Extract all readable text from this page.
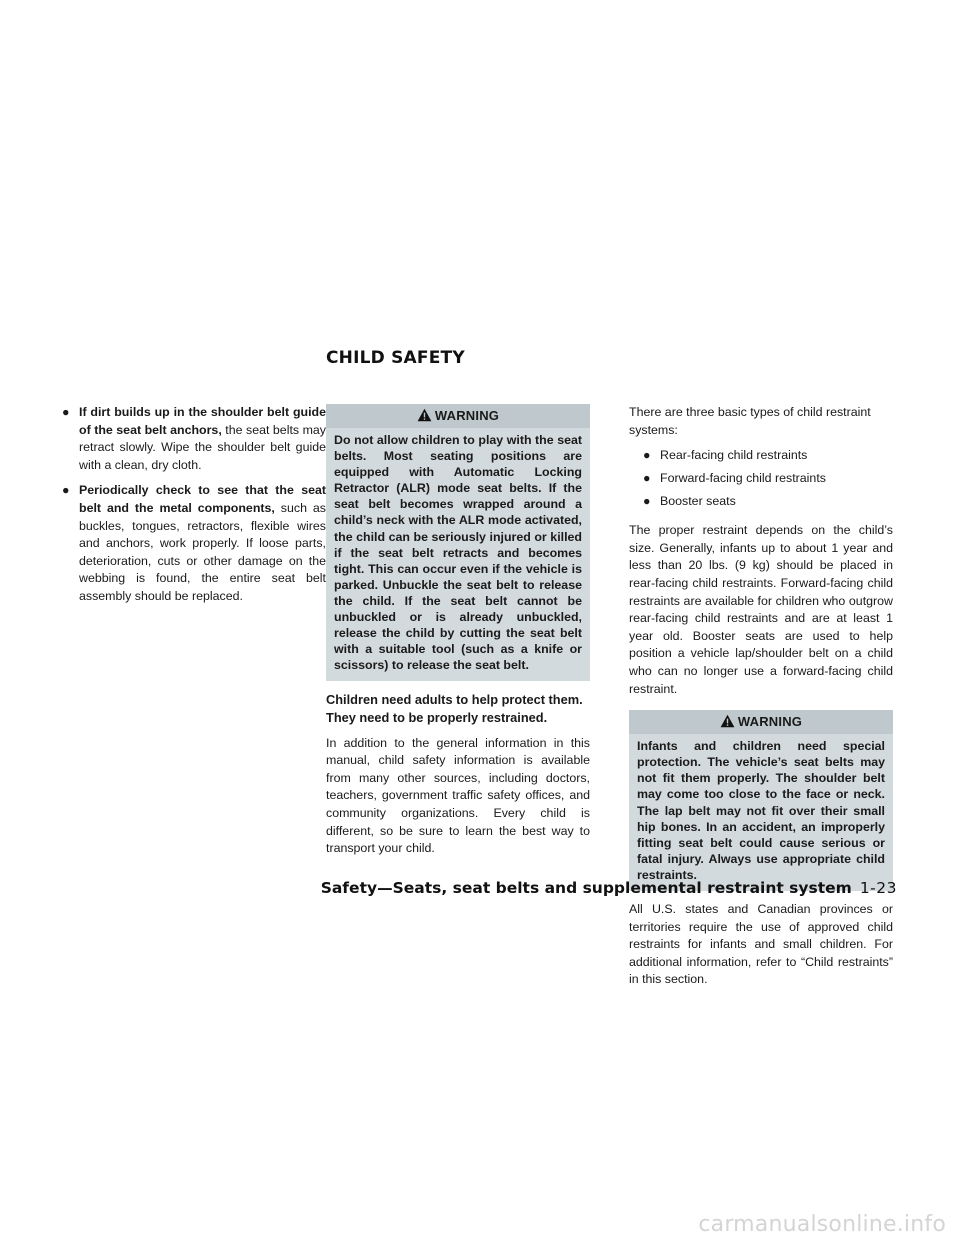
CHILD SAFETY
● If dirt builds up in the shoulder belt guide of the seat belt anchors, the seat belts may retract slowly. Wipe the shoulder belt guide with a clean, dry cloth.
● Periodically check to see that the seat belt and the metal components, such as buckles, tongues, retractors, flexible wires and anchors, work properly. If loose parts, deterioration, cuts or other damage on the webbing is found, the entire seat belt assembly should be replaced.
WARNING
Do not allow children to play with the seat belts. Most seating positions are equipped with Automatic Locking Retractor (ALR) mode seat belts. If the seat belt becomes wrapped around a child’s neck with the ALR mode activated, the child can be seriously injured or killed if the seat belt retracts and becomes tight. This can occur even if the vehicle is parked. Unbuckle the seat belt to release the child. If the seat belt cannot be unbuckled or is already unbuckled, release the child by cutting the seat belt with a suitable tool (such as a knife or scissors) to release the seat belt.

Children need adults to help protect them. They need to be properly restrained.

In addition to the general information in this manual, child safety information is available from many other sources, including doctors, teachers, government traffic safety offices, and community organizations. Every child is different, so be sure to learn the best way to transport your child.

There are three basic types of child restraint systems:

● Rear-facing child restraints
● Forward-facing child restraints
● Booster seats

The proper restraint depends on the child’s size. Generally, infants up to about 1 year and less than 20 lbs. (9 kg) should be placed in rear-facing child restraints. Forward-facing child restraints are available for children who outgrow rear-facing child restraints and are at least 1 year old. Booster seats are used to help position a vehicle lap/shoulder belt on a child who can no longer use a forward-facing child restraint.

WARNING
Infants and children need special protection. The vehicle’s seat belts may not fit them properly. The shoulder belt may come too close to the face or neck. The lap belt may not fit over their small hip bones. In an accident, an improperly fitting seat belt could cause serious or fatal injury. Always use appropriate child restraints.

All U.S. states and Canadian provinces or territories require the use of approved child restraints for infants and small children. For additional information, refer to “Child restraints” in this section.

Safety—Seats, seat belts and supplemental restraint system 1-23
carmanualsonline.info
